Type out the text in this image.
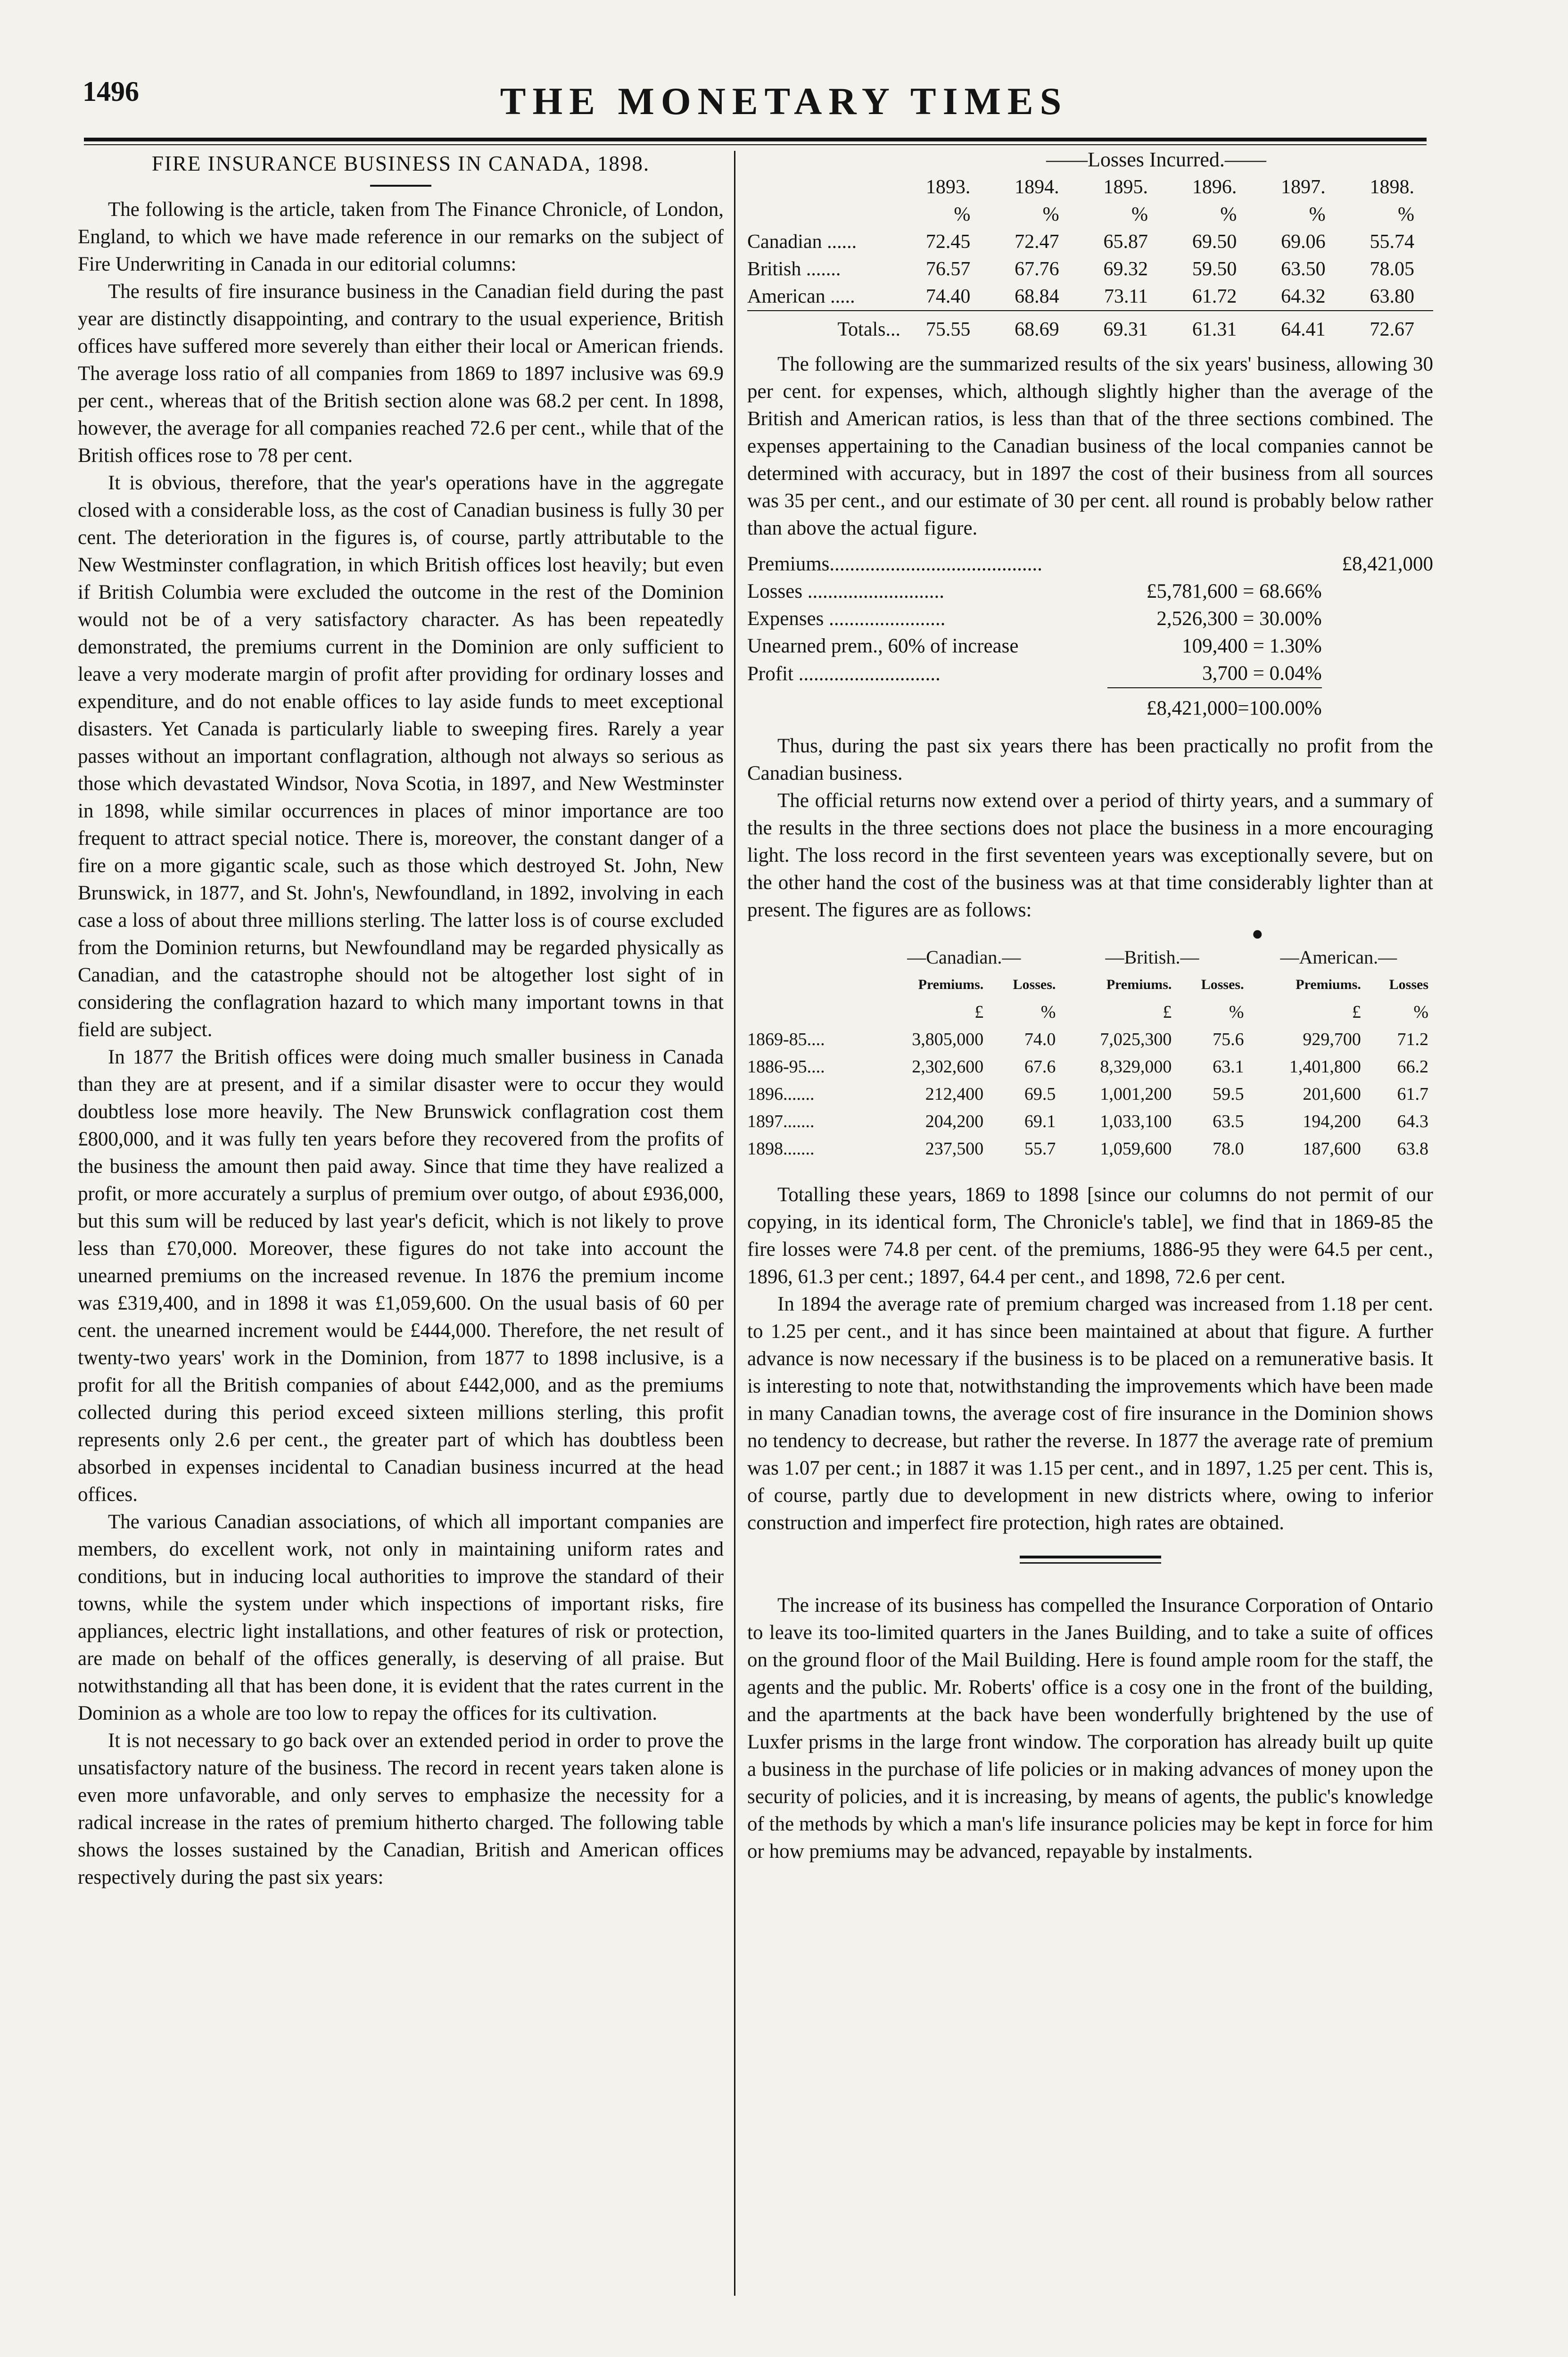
1496	THE MONETARY TIMES
FIRE INSURANCE BUSINESS IN CANADA, 1898.

The following is the article, taken from The Finance Chronicle, of London, England, to which we have made reference in our remarks on the subject of Fire Underwriting in Canada in our editorial columns:

The results of fire insurance business in the Canadian field during the past year are distinctly disappointing, and contrary to the usual experience, British offices have suffered more severely than either their local or American friends. The average loss ratio of all companies from 1869 to 1897 inclusive was 69.9 per cent., whereas that of the British section alone was 68.2 per cent. In 1898, however, the average for all companies reached 72.6 per cent., while that of the British offices rose to 78 per cent.

It is obvious, therefore, that the year's operations have in the aggregate closed with a considerable loss, as the cost of Canadian business is fully 30 per cent. The deterioration in the figures is, of course, partly attributable to the New Westminster conflagration, in which British offices lost heavily; but even if British Columbia were excluded the outcome in the rest of the Dominion would not be of a very satisfactory character. As has been repeatedly demonstrated, the premiums current in the Dominion are only sufficient to leave a very moderate margin of profit after providing for ordinary losses and expenditure, and do not enable offices to lay aside funds to meet exceptional disasters. Yet Canada is particularly liable to sweeping fires. Rarely a year passes without an important conflagration, although not always so serious as those which devastated Windsor, Nova Scotia, in 1897, and New Westminster in 1898, while similar occurrences in places of minor importance are too frequent to attract special notice. There is, moreover, the constant danger of a fire on a more gigantic scale, such as those which destroyed St. John, New Brunswick, in 1877, and St. John's, Newfoundland, in 1892, involving in each case a loss of about three millions sterling. The latter loss is of course excluded from the Dominion returns, but Newfoundland may be regarded physically as Canadian, and the catastrophe should not be altogether lost sight of in considering the conflagration hazard to which many important towns in that field are subject.

In 1877 the British offices were doing much smaller business in Canada than they are at present, and if a similar disaster were to occur they would doubtless lose more heavily. The New Brunswick conflagration cost them £800,000, and it was fully ten years before they recovered from the profits of the business the amount then paid away. Since that time they have realized a profit, or more accurately a surplus of premium over outgo, of about £936,000, but this sum will be reduced by last year's deficit, which is not likely to prove less than £70,000. Moreover, these figures do not take into account the unearned premiums on the increased revenue. In 1876 the premium income was £319,400, and in 1898 it was £1,059,600. On the usual basis of 60 per cent. the unearned increment would be £444,000. Therefore, the net result of twenty-two years' work in the Dominion, from 1877 to 1898 inclusive, is a profit for all the British companies of about £442,000, and as the premiums collected during this period exceed sixteen millions sterling, this profit represents only 2.6 per cent., the greater part of which has doubtless been absorbed in expenses incidental to Canadian business incurred at the head offices.

The various Canadian associations, of which all important companies are members, do excellent work, not only in maintaining uniform rates and conditions, but in inducing local authorities to improve the standard of their towns, while the system under which inspections of important risks, fire appliances, electric light installations, and other features of risk or protection, are made on behalf of the offices generally, is deserving of all praise. But notwithstanding all that has been done, it is evident that the rates current in the Dominion as a whole are too low to repay the offices for its cultivation.

It is not necessary to go back over an extended period in order to prove the unsatisfactory nature of the business. The record in recent years taken alone is even more unfavorable, and only serves to emphasize the necessity for a radical increase in the rates of premium hitherto charged. The following table shows the losses sustained by the Canadian, British and American offices respectively during the past six years:

——Losses Incurred.——
	1893.	1894.	1895.	1896.	1897.	1898.
	%	%	%	%	%	%
Canadian ......	72.45	72.47	65.87	69.50	69.06	55.74
British .......	76.57	67.76	69.32	59.50	63.50	78.05
American .....	74.40	68.84	73.11	61.72	64.32	63.80
Totals...	75.55	68.69	69.31	61.31	64.41	72.67

The following are the summarized results of the six years' business, allowing 30 per cent. for expenses, which, although slightly higher than the average of the British and American ratios, is less than that of the three sections combined. The expenses appertaining to the Canadian business of the local companies cannot be determined with accuracy, but in 1897 the cost of their business from all sources was 35 per cent., and our estimate of 30 per cent. all round is probably below rather than above the actual figure.

Premiums..........................................		£8,421,000
Losses ...........................	£5,781,600 = 68.66%	
Expenses .......................	2,526,300 = 30.00%	
Unearned prem., 60% of increase	109,400 = 1.30%	
Profit ............................	3,700 = 0.04%	
	£8,421,000=100.00%	

Thus, during the past six years there has been practically no profit from the Canadian business.

The official returns now extend over a period of thirty years, and a summary of the results in the three sections does not place the business in a more encouraging light. The loss record in the first seventeen years was exceptionally severe, but on the other hand the cost of the business was at that time considerably lighter than at present. The figures are as follows:

●
	—Canadian.—		—British.—		—American.—	
	Premiums.	Losses.	Premiums.	Losses.	Premiums.	Losses
	£	%	£	%	£	%
1869-85....	3,805,000	74.0	7,025,300	75.6	929,700	71.2
1886-95....	2,302,600	67.6	8,329,000	63.1	1,401,800	66.2
1896.......	212,400	69.5	1,001,200	59.5	201,600	61.7
1897.......	204,200	69.1	1,033,100	63.5	194,200	64.3
1898.......	237,500	55.7	1,059,600	78.0	187,600	63.8

Totalling these years, 1869 to 1898 [since our columns do not permit of our copying, in its identical form, The Chronicle's table], we find that in 1869-85 the fire losses were 74.8 per cent. of the premiums, 1886-95 they were 64.5 per cent., 1896, 61.3 per cent.; 1897, 64.4 per cent., and 1898, 72.6 per cent.

In 1894 the average rate of premium charged was increased from 1.18 per cent. to 1.25 per cent., and it has since been maintained at about that figure. A further advance is now necessary if the business is to be placed on a remunerative basis. It is interesting to note that, notwithstanding the improvements which have been made in many Canadian towns, the average cost of fire insurance in the Dominion shows no tendency to decrease, but rather the reverse. In 1877 the average rate of premium was 1.07 per cent.; in 1887 it was 1.15 per cent., and in 1897, 1.25 per cent. This is, of course, partly due to development in new districts where, owing to inferior construction and imperfect fire protection, high rates are obtained.

The increase of its business has compelled the Insurance Corporation of Ontario to leave its too-limited quarters in the Janes Building, and to take a suite of offices on the ground floor of the Mail Building. Here is found ample room for the staff, the agents and the public. Mr. Roberts' office is a cosy one in the front of the building, and the apartments at the back have been wonderfully brightened by the use of Luxfer prisms in the large front window. The corporation has already built up quite a business in the purchase of life policies or in making advances of money upon the security of policies, and it is increasing, by means of agents, the public's knowledge of the methods by which a man's life insurance policies may be kept in force for him or how premiums may be advanced, repayable by instalments.
